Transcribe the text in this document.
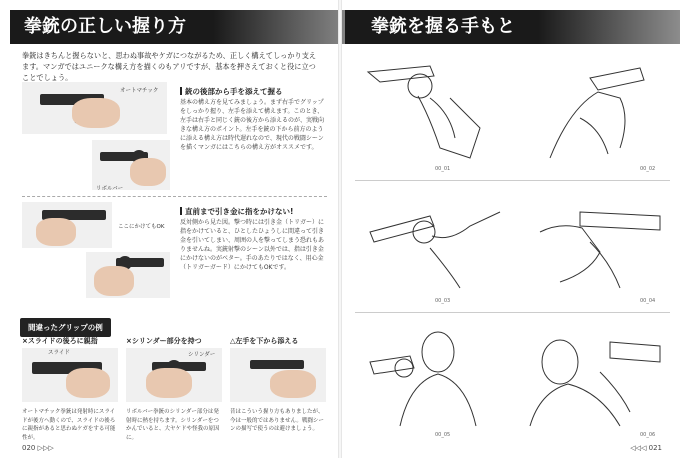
拳銃の正しい握り方
拳銃はきちんと握らないと、思わぬ事故やケガにつながるため、正しく構えてしっかり支えます。マンガではユニークな構え方を描くのもアリですが、基本を押さえておくと役に立つことでしょう。
オートマチック
リボルバー
銃の後部から手を添えて握る
基本の構え方を見てみましょう。まず右手でグリップをしっかり握り、左手を添えて構えます。このとき、左手は右手と同じく銃の後方から添えるのが、実戦向きな構え方のポイント。左手を銃の下から前方のように添える構え方は時代遅れなので、現代の戦闘シーンを描くマンガにはこちらの構え方がオススメです。
ここにかけてもOK
直前まで引き金に指をかけない!
反対側から見た図。撃つ時には引き金（トリガー）に指をかけていると、ひとしたひょうしに間違って引き金を引いてしまい、周囲の人を撃ってしまう恐れもありませんね。実銃射撃のシーン以外では、指は引き金にかけないのがベター。手のあたりではなく、用心金（トリガーガード）にかけてもOKです。
間違ったグリップの例
×スライドの後ろに親指
スライド
オートマチック拳銃は発射時にスライドが後方へ動くので、スライドの後ろに親指があると思わぬケガをする可能性が。
×シリンダー部分を持つ
シリンダー
リボルバー拳銃のシリンダー部分は発射時に熱を持ちます。シリンダーをつかんでいると、大ヤケドや怪我の原因に。
△左手を下から添える
昔はこういう握り方もありましたが、今は一般的ではありません。戦闘シーンの描写で使うのは避けましょう。
020 ▷▷▷
拳銃を握る手もと
00_01	00_02
00_03	00_04
00_05	00_06
◁◁◁ 021
